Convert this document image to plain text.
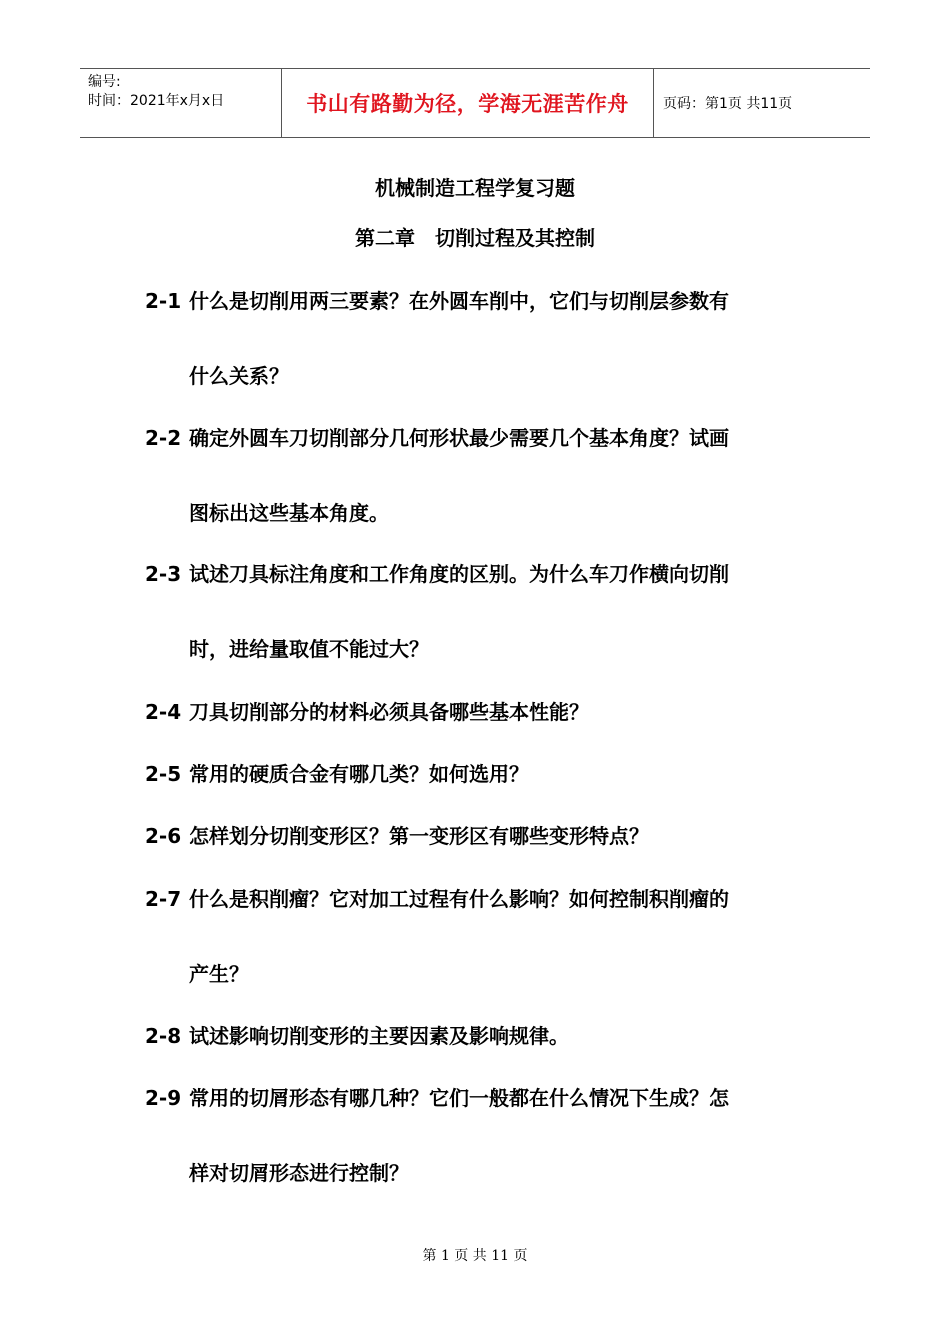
编号:
时间：2021年x月x日	书山有路勤为径，学海无涯苦作舟 页码：第1页 共11页
机械制造工程学复习题
第二章 切削过程及其控制
2-1 什么是切削用两三要素？在外圆车削中，它们与切削层参数有
什么关系？
2-2 确定外圆车刀切削部分几何形状最少需要几个基本角度？试画
图标出这些基本角度。
2-3 试述刀具标注角度和工作角度的区别。为什么车刀作横向切削
时，进给量取值不能过大？
2-4 刀具切削部分的材料必须具备哪些基本性能？
2-5 常用的硬质合金有哪几类？如何选用？
2-6 怎样划分切削变形区？第一变形区有哪些变形特点？
2-7 什么是积削瘤？它对加工过程有什么影响？如何控制积削瘤的
产生？
2-8 试述影响切削变形的主要因素及影响规律。
2-9 常用的切屑形态有哪几种？它们一般都在什么情况下生成？怎
样对切屑形态进行控制？
第 1 页 共 11 页
